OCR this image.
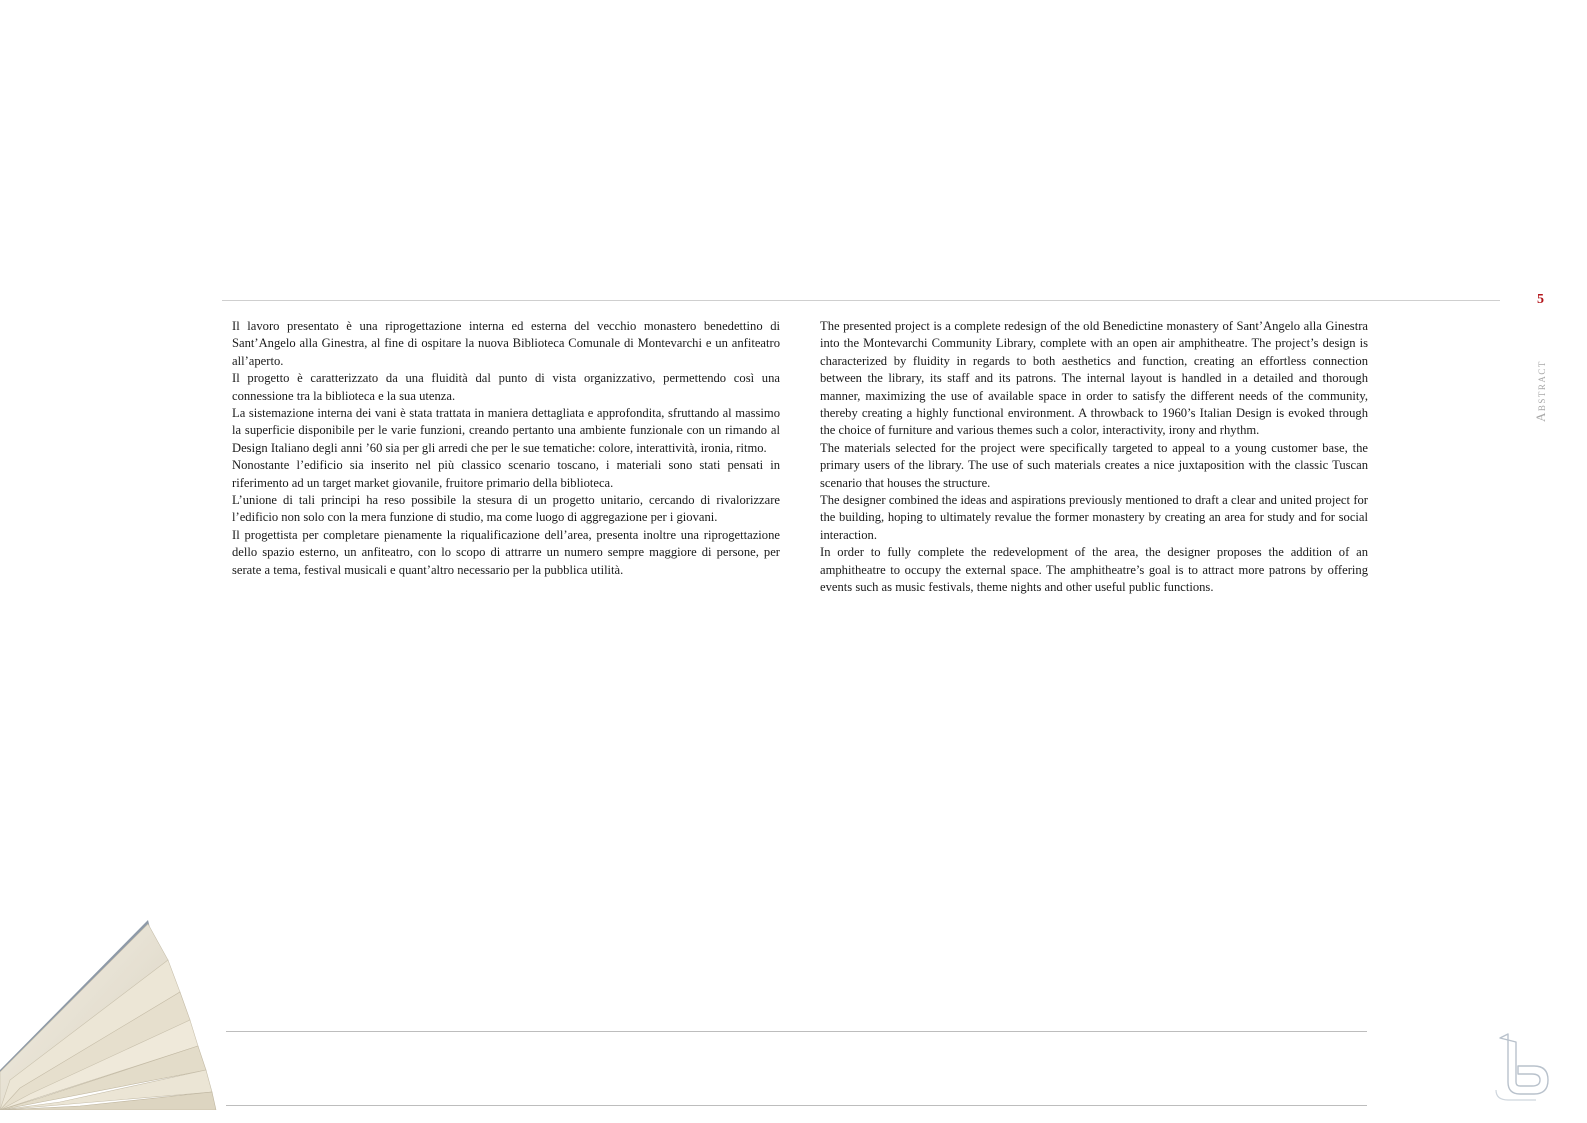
5
Abstract

Il lavoro presentato è una riprogettazione interna ed esterna del vecchio monastero benedettino di Sant’Angelo alla Ginestra, al fine di ospitare la nuova Biblioteca Comunale di Montevarchi e un anfiteatro all’aperto.

Il progetto è caratterizzato da una fluidità dal punto di vista organizzativo, permettendo così una connessione tra la biblioteca e la sua utenza.

La sistemazione interna dei vani è stata trattata in maniera dettagliata e approfondita, sfruttando al massimo la superficie disponibile per le varie funzioni, creando pertanto una ambiente funzionale con un rimando al Design Italiano degli anni ’60 sia per gli arredi che per le sue tematiche: colore, interattività, ironia, ritmo.

Nonostante l’edificio sia inserito nel più classico scenario toscano, i materiali sono stati pensati in riferimento ad un target market giovanile, fruitore primario della biblioteca.

L’unione di tali principi ha reso possibile la stesura di un progetto unitario, cercando di rivalorizzare l’edificio non solo con la mera funzione di studio, ma come luogo di aggregazione per i giovani.

Il progettista per completare pienamente la riqualificazione dell’area, presenta inoltre una riprogettazione dello spazio esterno, un anfiteatro, con lo scopo di attrarre un numero sempre maggiore di persone, per serate a tema, festival musicali e quant’altro necessario per la pubblica utilità.

The presented project is a complete redesign of the old Benedictine monastery of Sant’Angelo alla Ginestra into the Montevarchi Community Library, complete with an open air amphitheatre. The project’s design is characterized by fluidity in regards to both aesthetics and function, creating an effortless connection between the library, its staff and its patrons. The internal layout is handled in a detailed and thorough manner, maximizing the use of available space in order to satisfy the different needs of the community, thereby creating a highly functional environment. A throwback to 1960’s Italian Design is evoked through the choice of furniture and various themes such a color, interactivity, irony and rhythm.

The materials selected for the project were specifically targeted to appeal to a young customer base, the primary users of the library. The use of such materials creates a nice juxtaposition with the classic Tuscan scenario that houses the structure.

The designer combined the ideas and aspirations previously mentioned to draft a clear and united project for the building, hoping to ultimately revalue the former monastery by creating an area for study and for social interaction.

In order to fully complete the redevelopment of the area, the designer proposes the addition of an amphitheatre to occupy the external space. The amphitheatre’s goal is to attract more patrons by offering events such as music festivals, theme nights and other useful public functions.
